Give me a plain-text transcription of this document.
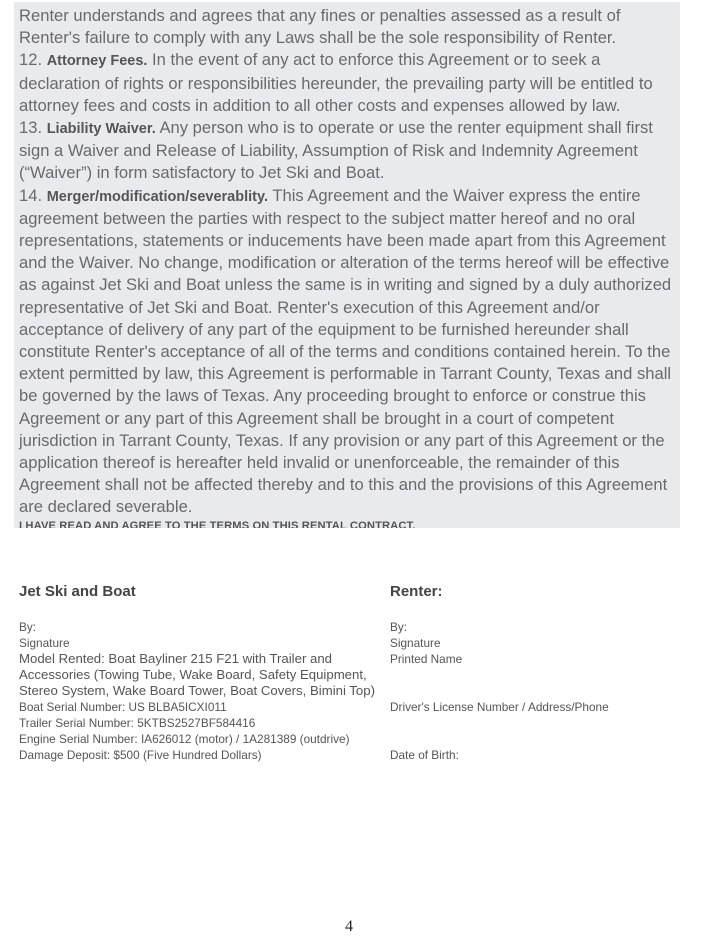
Renter understands and agrees that any fines or penalties assessed as a result of Renter's failure to comply with any Laws shall be the sole responsibility of Renter.
12. Attorney Fees. In the event of any act to enforce this Agreement or to seek a declaration of rights or responsibilities hereunder, the prevailing party will be entitled to attorney fees and costs in addition to all other costs and expenses allowed by law.
13. Liability Waiver. Any person who is to operate or use the renter equipment shall first sign a Waiver and Release of Liability, Assumption of Risk and Indemnity Agreement (“Waiver”) in form satisfactory to Jet Ski and Boat.
14. Merger/modification/severablity. This Agreement and the Waiver express the entire agreement between the parties with respect to the subject matter hereof and no oral representations, statements or inducements have been made apart from this Agreement and the Waiver. No change, modification or alteration of the terms hereof will be effective as against Jet Ski and Boat unless the same is in writing and signed by a duly authorized representative of Jet Ski and Boat. Renter's execution of this Agreement and/or acceptance of delivery of any part of the equipment to be furnished hereunder shall constitute Renter's acceptance of all of the terms and conditions contained herein. To the extent permitted by law, this Agreement is performable in Tarrant County, Texas and shall be governed by the laws of Texas. Any proceeding brought to enforce or construe this Agreement or any part of this Agreement shall be brought in a court of competent jurisdiction in Tarrant County, Texas. If any provision or any part of this Agreement or the application thereof is hereafter held invalid or unenforceable, the remainder of this Agreement shall not be affected thereby and to this and the provisions of this Agreement are declared severable.
I HAVE READ AND AGREE TO THE TERMS ON THIS RENTAL CONTRACT.
Jet Ski and Boat
By:
Signature
Model Rented: Boat Bayliner 215 F21 with Trailer and
Accessories (Towing Tube, Wake Board, Safety Equipment,
Stereo System, Wake Board Tower, Boat Covers, Bimini Top)
Boat Serial Number: US BLBA5ICXI011
Trailer Serial Number: 5KTBS2527BF584416
Engine Serial Number: IA626012 (motor) / 1A281389 (outdrive)
Damage Deposit: $500 (Five Hundred Dollars)
Renter:
By:
Signature
Printed Name
Driver's License Number / Address/Phone
Date of Birth:
4
